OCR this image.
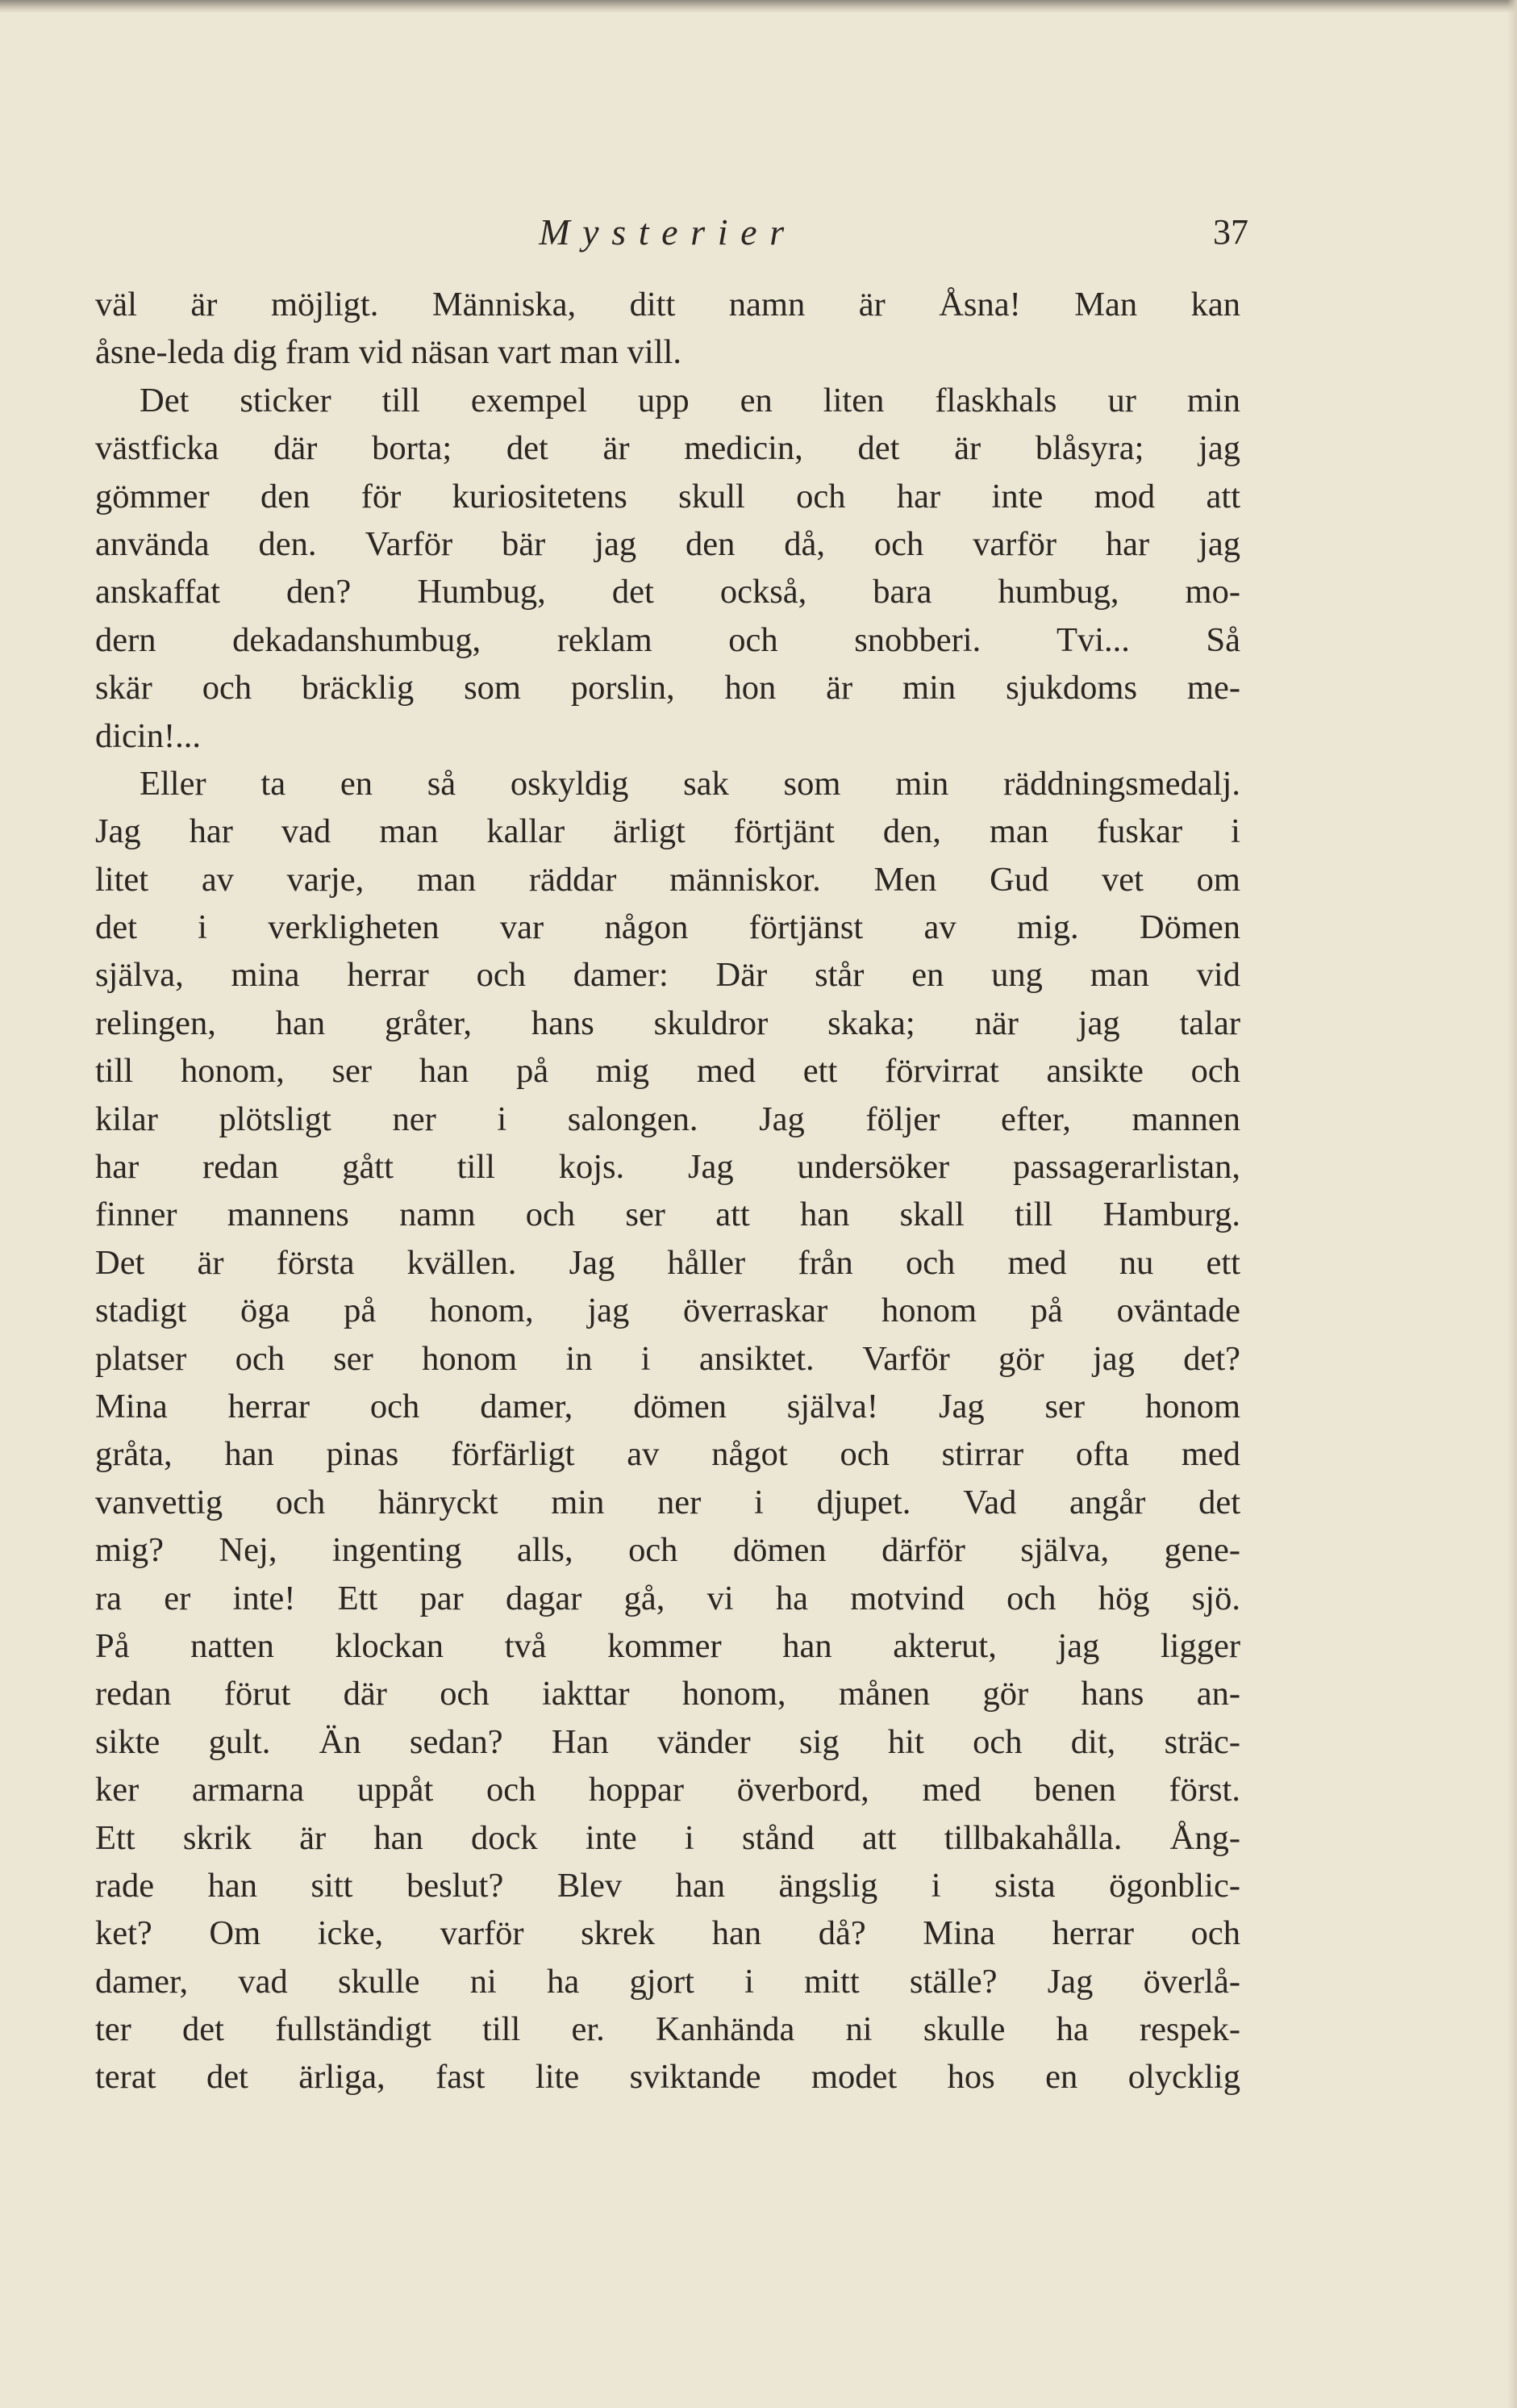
Mysterier	37
väl är möjligt. Människa, ditt namn är Åsna! Man kan
åsne-leda dig fram vid näsan vart man vill.
Det sticker till exempel upp en liten flaskhals ur min
västficka där borta; det är medicin, det är blåsyra; jag
gömmer den för kuriositetens skull och har inte mod att
använda den. Varför bär jag den då, och varför har jag
anskaffat den? Humbug, det också, bara humbug, mo-
dern dekadanshumbug, reklam och snobberi. Tvi... Så
skär och bräcklig som porslin, hon är min sjukdoms me-
dicin!...
Eller ta en så oskyldig sak som min räddningsmedalj.
Jag har vad man kallar ärligt förtjänt den, man fuskar i
litet av varje, man räddar människor. Men Gud vet om
det i verkligheten var någon förtjänst av mig. Dömen
själva, mina herrar och damer: Där står en ung man vid
relingen, han gråter, hans skuldror skaka; när jag talar
till honom, ser han på mig med ett förvirrat ansikte och
kilar plötsligt ner i salongen. Jag följer efter, mannen
har redan gått till kojs. Jag undersöker passagerarlistan,
finner mannens namn och ser att han skall till Hamburg.
Det är första kvällen. Jag håller från och med nu ett
stadigt öga på honom, jag överraskar honom på oväntade
platser och ser honom in i ansiktet. Varför gör jag det?
Mina herrar och damer, dömen själva! Jag ser honom
gråta, han pinas förfärligt av något och stirrar ofta med
vanvettig och hänryckt min ner i djupet. Vad angår det
mig? Nej, ingenting alls, och dömen därför själva, gene-
ra er inte! Ett par dagar gå, vi ha motvind och hög sjö.
På natten klockan två kommer han akterut, jag ligger
redan förut där och iakttar honom, månen gör hans an-
sikte gult. Än sedan? Han vänder sig hit och dit, sträc-
ker armarna uppåt och hoppar överbord, med benen först.
Ett skrik är han dock inte i stånd att tillbakahålla. Ång-
rade han sitt beslut? Blev han ängslig i sista ögonblic-
ket? Om icke, varför skrek han då? Mina herrar och
damer, vad skulle ni ha gjort i mitt ställe? Jag överlå-
ter det fullständigt till er. Kanhända ni skulle ha respek-
terat det ärliga, fast lite sviktande modet hos en olycklig
